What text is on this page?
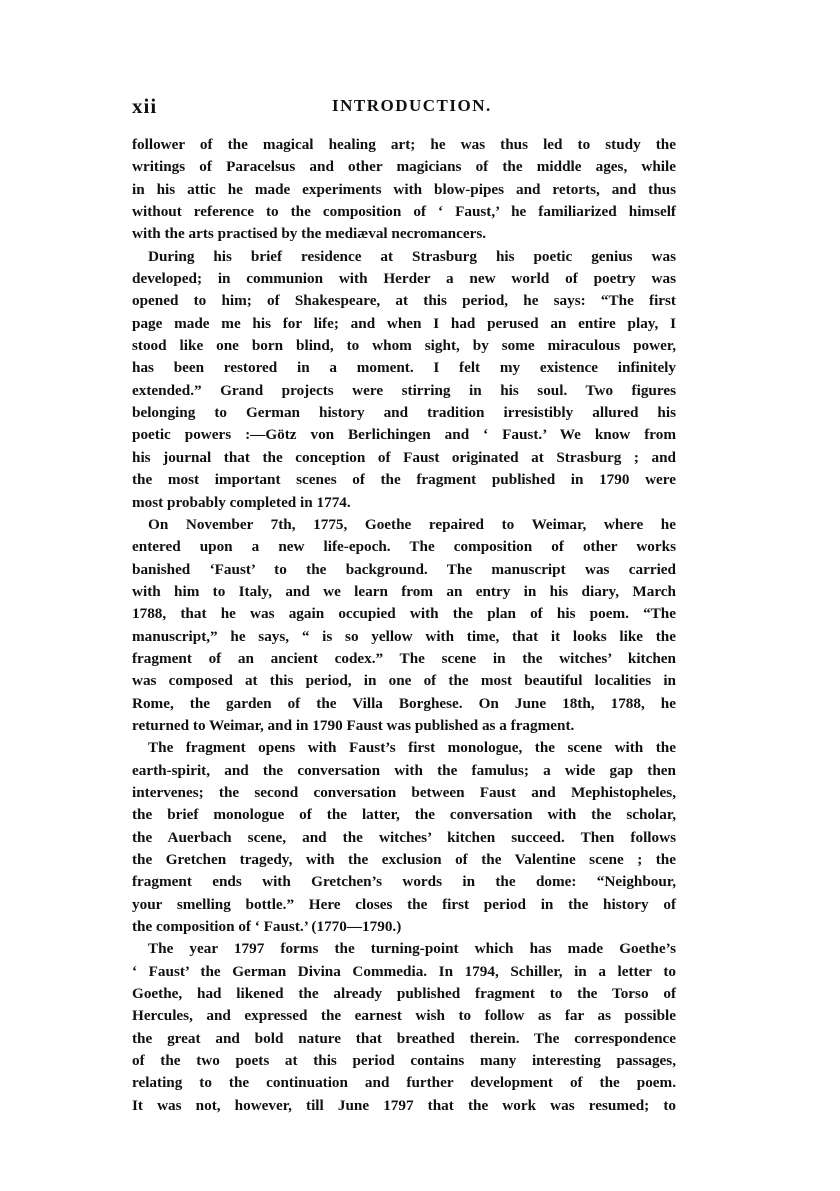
xii	INTRODUCTION.
follower of the magical healing art; he was thus led to study the
writings of Paracelsus and other magicians of the middle ages, while
in his attic he made experiments with blow-pipes and retorts, and thus
without reference to the composition of ‘ Faust,’ he familiarized himself
with the arts practised by the mediæval necromancers.
During his brief residence at Strasburg his poetic genius was
developed; in communion with Herder a new world of poetry was
opened to him; of Shakespeare, at this period, he says: “The first
page made me his for life; and when I had perused an entire play, I
stood like one born blind, to whom sight, by some miraculous power,
has been restored in a moment. I felt my existence infinitely
extended.” Grand projects were stirring in his soul. Two figures
belonging to German history and tradition irresistibly allured his
poetic powers :—Götz von Berlichingen and ‘ Faust.’ We know from
his journal that the conception of Faust originated at Strasburg ; and
the most important scenes of the fragment published in 1790 were
most probably completed in 1774.
On November 7th, 1775, Goethe repaired to Weimar, where he
entered upon a new life-epoch. The composition of other works
banished ‘Faust’ to the background. The manuscript was carried
with him to Italy, and we learn from an entry in his diary, March
1788, that he was again occupied with the plan of his poem. “The
manuscript,” he says, “ is so yellow with time, that it looks like the
fragment of an ancient codex.” The scene in the witches’ kitchen
was composed at this period, in one of the most beautiful localities in
Rome, the garden of the Villa Borghese. On June 18th, 1788, he
returned to Weimar, and in 1790 Faust was published as a fragment.
The fragment opens with Faust’s first monologue, the scene with the
earth-spirit, and the conversation with the famulus; a wide gap then
intervenes; the second conversation between Faust and Mephistopheles,
the brief monologue of the latter, the conversation with the scholar,
the Auerbach scene, and the witches’ kitchen succeed. Then follows
the Gretchen tragedy, with the exclusion of the Valentine scene ; the
fragment ends with Gretchen’s words in the dome: “Neighbour,
your smelling bottle.” Here closes the first period in the history of
the composition of ‘ Faust.’ (1770—1790.)
The year 1797 forms the turning-point which has made Goethe’s
‘ Faust’ the German Divina Commedia. In 1794, Schiller, in a letter to
Goethe, had likened the already published fragment to the Torso of
Hercules, and expressed the earnest wish to follow as far as possible
the great and bold nature that breathed therein. The correspondence
of the two poets at this period contains many interesting passages,
relating to the continuation and further development of the poem.
It was not, however, till June 1797 that the work was resumed; to
